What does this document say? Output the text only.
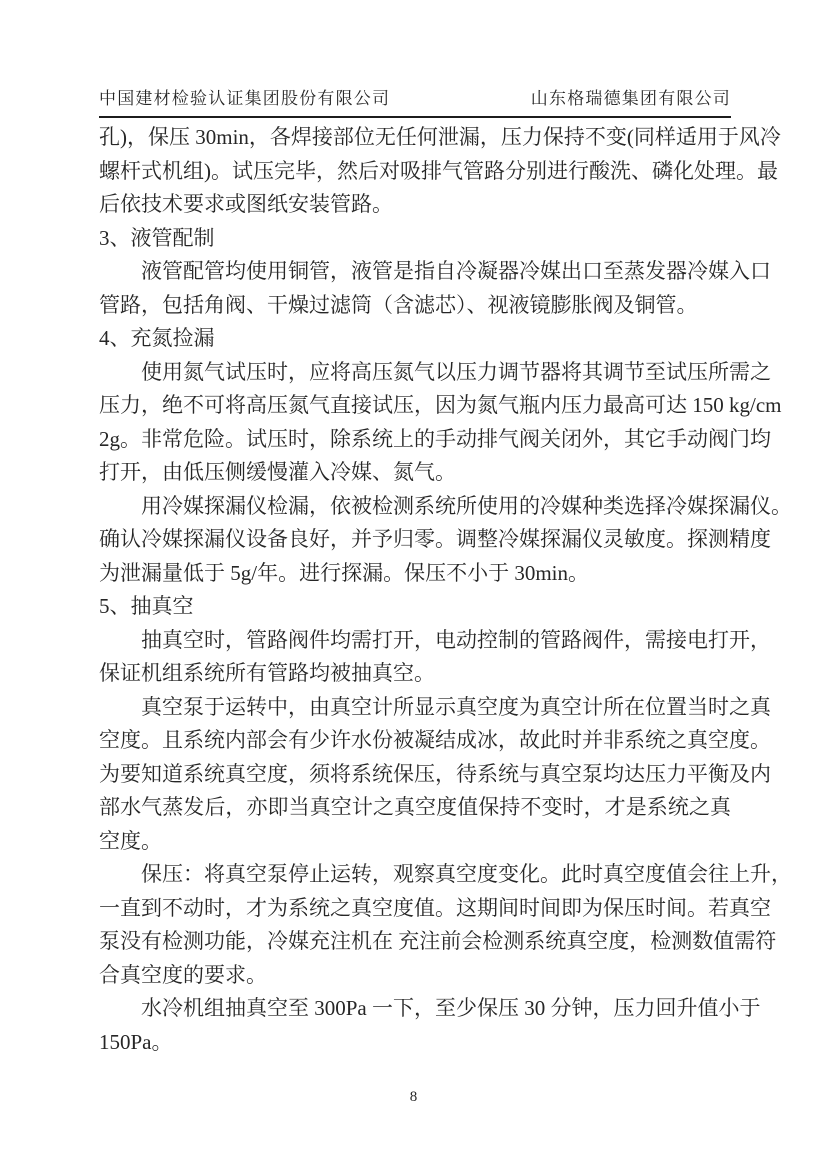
中国建材检验认证集团股份有限公司	山东格瑞德集团有限公司
孔)，保压 30min，各焊接部位无任何泄漏，压力保持不变(同样适用于风冷
螺杆式机组)。试压完毕，然后对吸排气管路分别进行酸洗、磷化处理。最
后依技术要求或图纸安装管路。
3、液管配制
液管配管均使用铜管，液管是指自冷凝器冷媒出口至蒸发器冷媒入口
管路，包括角阀、干燥过滤筒（含滤芯）、视液镜膨胀阀及铜管。
4、充氮捡漏
使用氮气试压时，应将高压氮气以压力调节器将其调节至试压所需之
压力，绝不可将高压氮气直接试压，因为氮气瓶内压力最高可达 150 kg/cm
2g。非常危险。试压时，除系统上的手动排气阀关闭外，其它手动阀门均
打开，由低压侧缓慢灌入冷媒、氮气。
用冷媒探漏仪检漏，依被检测系统所使用的冷媒种类选择冷媒探漏仪。
确认冷媒探漏仪设备良好，并予归零。调整冷媒探漏仪灵敏度。探测精度
为泄漏量低于 5g/年。进行探漏。保压不小于 30min。
5、抽真空
抽真空时，管路阀件均需打开，电动控制的管路阀件，需接电打开，
保证机组系统所有管路均被抽真空。
真空泵于运转中，由真空计所显示真空度为真空计所在位置当时之真
空度。且系统内部会有少许水份被凝结成冰，故此时并非系统之真空度。
为要知道系统真空度，须将系统保压，待系统与真空泵均达压力平衡及内
部水气蒸发后，亦即当真空计之真空度值保持不变时，才是系统之真空度。
保压：将真空泵停止运转，观察真空度变化。此时真空度值会往上升，
一直到不动时，才为系统之真空度值。这期间时间即为保压时间。若真空
泵没有检测功能，冷媒充注机在 充注前会检测系统真空度，检测数值需符
合真空度的要求。
水冷机组抽真空至 300Pa 一下，至少保压 30 分钟，压力回升值小于
150Pa。
8
